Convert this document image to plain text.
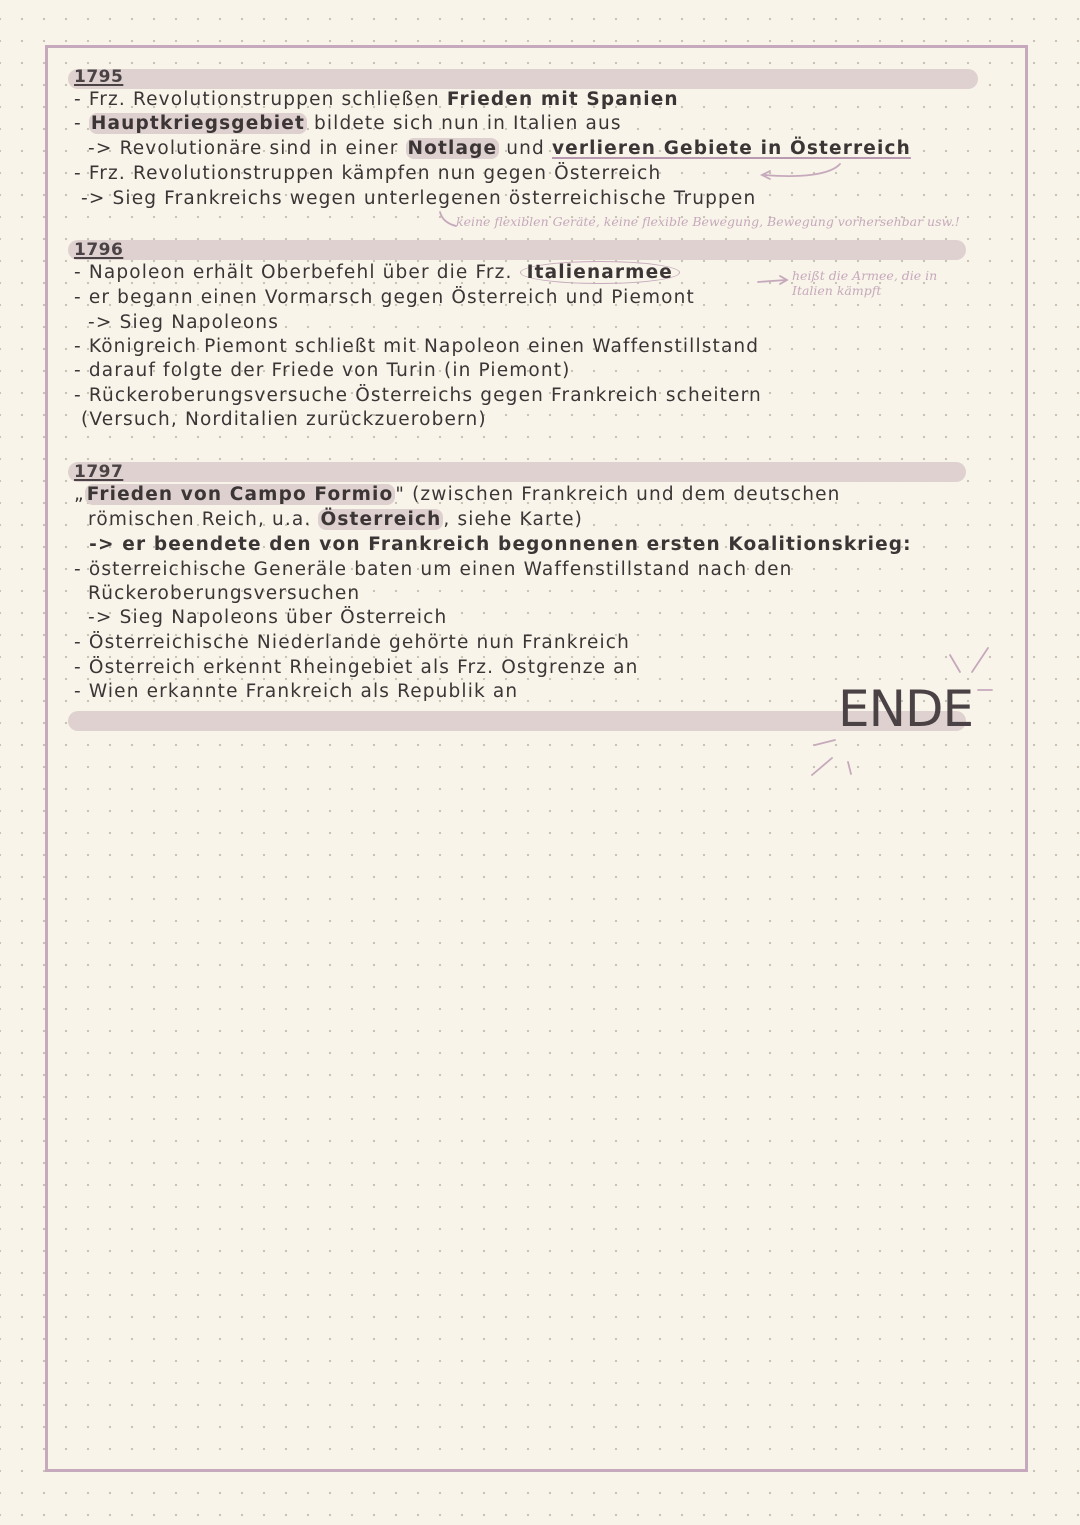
1795
- Frz. Revolutionstruppen schließen Frieden mit Spanien
- Hauptkriegsgebiet bildete sich nun in Italien aus
-> Revolutionäre sind in einer Notlage und verlieren Gebiete in Österreich
- Frz. Revolutionstruppen kämpfen nun gegen Österreich
-> Sieg Frankreichs wegen unterlegenen österreichische Truppen
keine flexiblen Geräte, keine flexible Bewegung, Bewegung vorhersehbar usw.!
1796
- Napoleon erhält Oberbefehl über die Frz. Italienarmee
- er begann einen Vormarsch gegen Österreich und Piemont
-> Sieg Napoleons
- Königreich Piemont schließt mit Napoleon einen Waffenstillstand
- darauf folgte der Friede von Turin (in Piemont)
- Rückeroberungsversuche Österreichs gegen Frankreich scheitern
(Versuch, Norditalien zurückzuerobern)
heißt die Armee, die in Italien kämpft
1797
„ Frieden von Campo Formio " (zwischen Frankreich und dem deutschen
römischen Reich, u.a. Österreich , siehe Karte)
-> er beendete den von Frankreich begonnenen ersten Koalitionskrieg:
- österreichische Generäle baten um einen Waffenstillstand nach den
Rückeroberungsversuchen
-> Sieg Napoleons über Österreich
- Österreichische Niederlande gehörte nun Frankreich
- Österreich erkennt Rheingebiet als Frz. Ostgrenze an
- Wien erkannte Frankreich als Republik an	ENDE
